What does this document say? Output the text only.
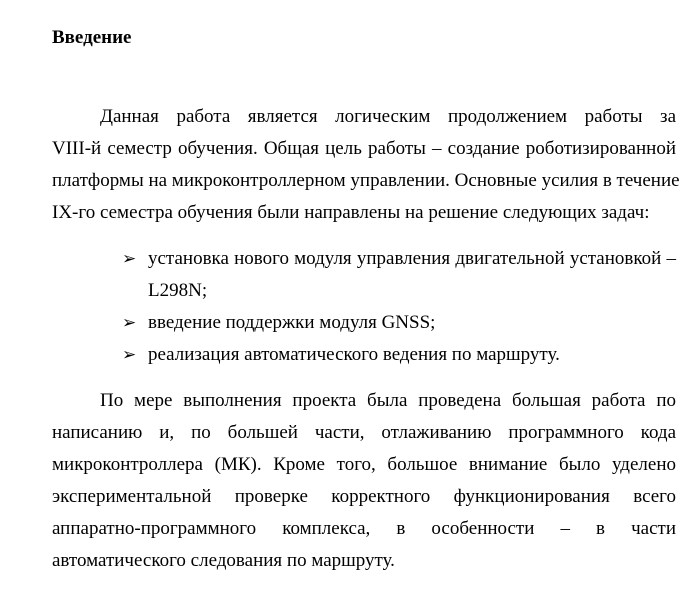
Введение
Данная работа является логическим продолжением работы за
VIII-й семестр обучения. Общая цель работы – создание роботизированной
платформы на микроконтроллерном управлении. Основные усилия в течение
IX-го семестра обучения были направлены на решение следующих задач:
➢ установка нового модуля управления двигательной установкой –
L298N;
➢ введение поддержки модуля GNSS;
➢ реализация автоматического ведения по маршруту.
По мере выполнения проекта была проведена большая работа по
написанию и, по большей части, отлаживанию программного кода
микроконтроллера (МК). Кроме того, большое внимание было уделено
экспериментальной проверке корректного функционирования всего
аппаратно-программного комплекса, в особенности – в части
автоматического следования по маршруту.
